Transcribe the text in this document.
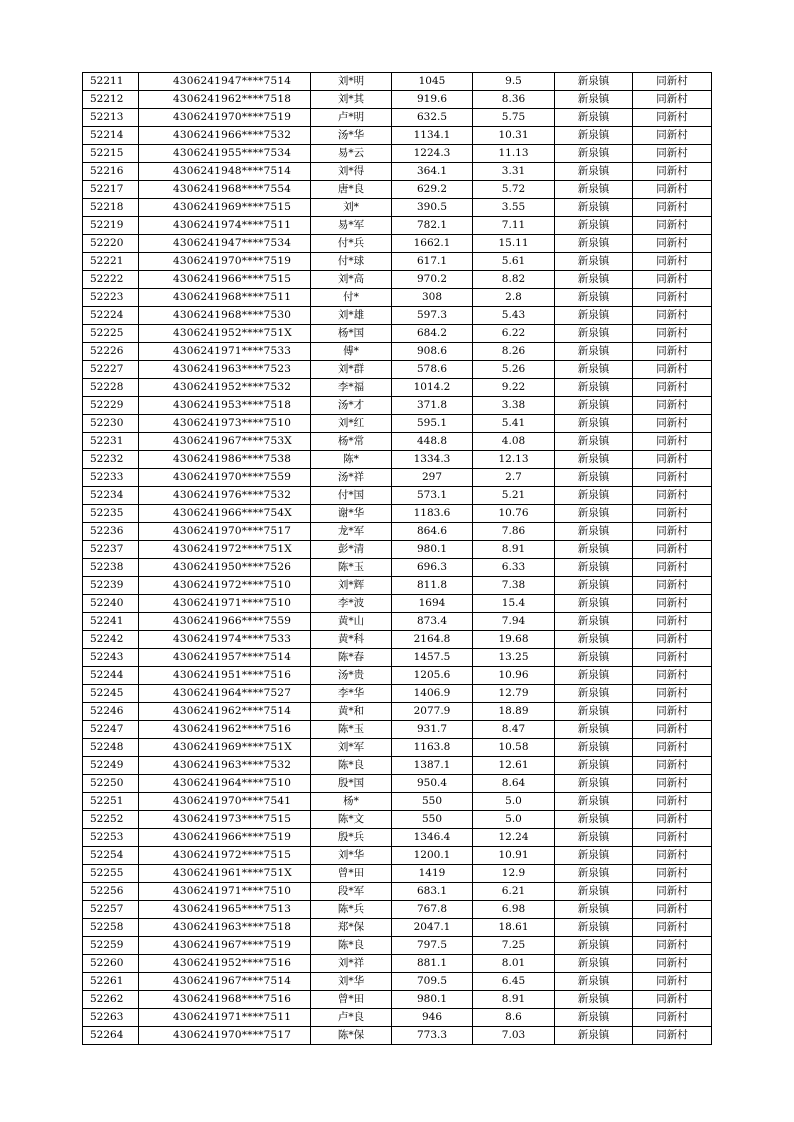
52211	4306241947****7514	刘*明	1045	9.5	新泉镇	同新村
52212	4306241962****7518	刘*其	919.6	8.36	新泉镇	同新村
52213	4306241970****7519	卢*明	632.5	5.75	新泉镇	同新村
52214	4306241966****7532	汤*华	1134.1	10.31	新泉镇	同新村
52215	4306241955****7534	易*云	1224.3	11.13	新泉镇	同新村
52216	4306241948****7514	刘*得	364.1	3.31	新泉镇	同新村
52217	4306241968****7554	唐*良	629.2	5.72	新泉镇	同新村
52218	4306241969****7515	刘*	390.5	3.55	新泉镇	同新村
52219	4306241974****7511	易*军	782.1	7.11	新泉镇	同新村
52220	4306241947****7534	付*兵	1662.1	15.11	新泉镇	同新村
52221	4306241970****7519	付*球	617.1	5.61	新泉镇	同新村
52222	4306241966****7515	刘*高	970.2	8.82	新泉镇	同新村
52223	4306241968****7511	付*	308	2.8	新泉镇	同新村
52224	4306241968****7530	刘*雄	597.3	5.43	新泉镇	同新村
52225	4306241952****751X	杨*国	684.2	6.22	新泉镇	同新村
52226	4306241971****7533	傅*	908.6	8.26	新泉镇	同新村
52227	4306241963****7523	刘*群	578.6	5.26	新泉镇	同新村
52228	4306241952****7532	李*福	1014.2	9.22	新泉镇	同新村
52229	4306241953****7518	汤*才	371.8	3.38	新泉镇	同新村
52230	4306241973****7510	刘*红	595.1	5.41	新泉镇	同新村
52231	4306241967****753X	杨*常	448.8	4.08	新泉镇	同新村
52232	4306241986****7538	陈*	1334.3	12.13	新泉镇	同新村
52233	4306241970****7559	汤*祥	297	2.7	新泉镇	同新村
52234	4306241976****7532	付*国	573.1	5.21	新泉镇	同新村
52235	4306241966****754X	谢*华	1183.6	10.76	新泉镇	同新村
52236	4306241970****7517	龙*军	864.6	7.86	新泉镇	同新村
52237	4306241972****751X	彭*清	980.1	8.91	新泉镇	同新村
52238	4306241950****7526	陈*玉	696.3	6.33	新泉镇	同新村
52239	4306241972****7510	刘*辉	811.8	7.38	新泉镇	同新村
52240	4306241971****7510	李*波	1694	15.4	新泉镇	同新村
52241	4306241966****7559	黄*山	873.4	7.94	新泉镇	同新村
52242	4306241974****7533	黄*科	2164.8	19.68	新泉镇	同新村
52243	4306241957****7514	陈*春	1457.5	13.25	新泉镇	同新村
52244	4306241951****7516	汤*贵	1205.6	10.96	新泉镇	同新村
52245	4306241964****7527	李*华	1406.9	12.79	新泉镇	同新村
52246	4306241962****7514	黄*和	2077.9	18.89	新泉镇	同新村
52247	4306241962****7516	陈*玉	931.7	8.47	新泉镇	同新村
52248	4306241969****751X	刘*军	1163.8	10.58	新泉镇	同新村
52249	4306241963****7532	陈*良	1387.1	12.61	新泉镇	同新村
52250	4306241964****7510	殷*国	950.4	8.64	新泉镇	同新村
52251	4306241970****7541	杨*	550	5.0	新泉镇	同新村
52252	4306241973****7515	陈*文	550	5.0	新泉镇	同新村
52253	4306241966****7519	殷*兵	1346.4	12.24	新泉镇	同新村
52254	4306241972****7515	刘*华	1200.1	10.91	新泉镇	同新村
52255	4306241961****751X	曾*田	1419	12.9	新泉镇	同新村
52256	4306241971****7510	段*军	683.1	6.21	新泉镇	同新村
52257	4306241965****7513	陈*兵	767.8	6.98	新泉镇	同新村
52258	4306241963****7518	郑*保	2047.1	18.61	新泉镇	同新村
52259	4306241967****7519	陈*良	797.5	7.25	新泉镇	同新村
52260	4306241952****7516	刘*祥	881.1	8.01	新泉镇	同新村
52261	4306241967****7514	刘*华	709.5	6.45	新泉镇	同新村
52262	4306241968****7516	曾*田	980.1	8.91	新泉镇	同新村
52263	4306241971****7511	卢*良	946	8.6	新泉镇	同新村
52264	4306241970****7517	陈*保	773.3	7.03	新泉镇	同新村
